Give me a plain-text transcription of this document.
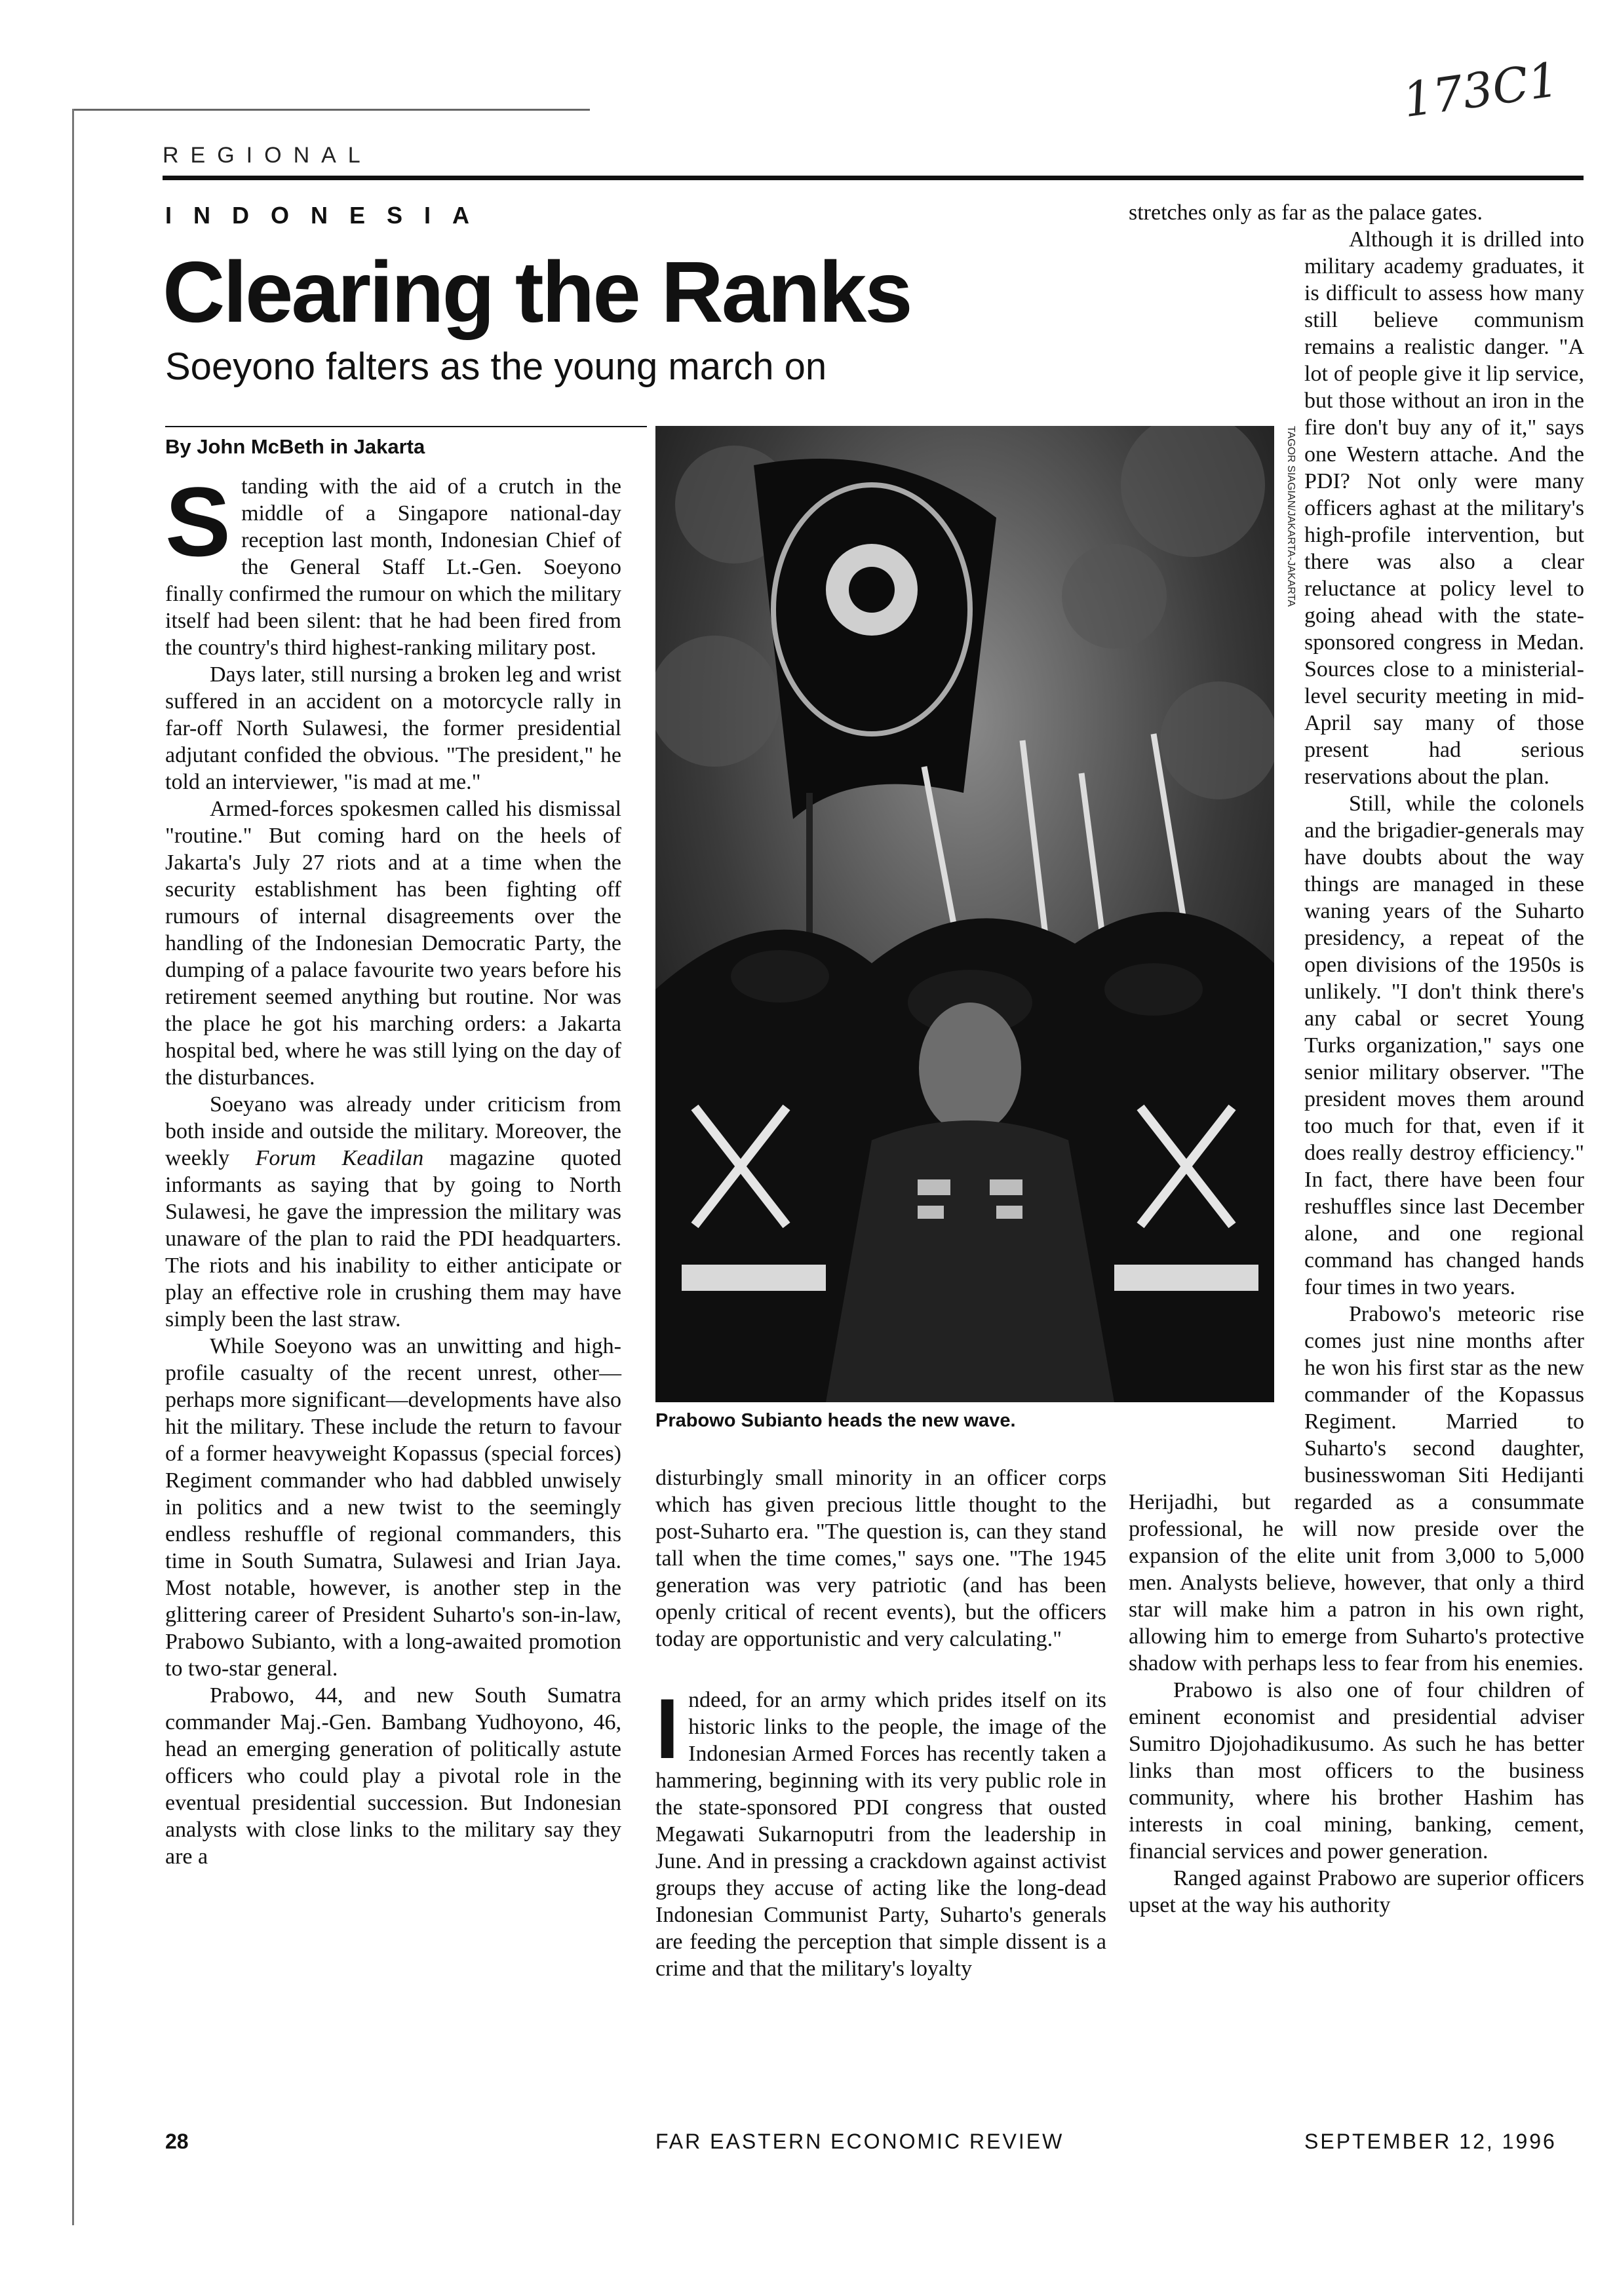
173C1
REGIONAL
INDONESIA
Clearing the Ranks
Soeyono falters as the young march on
By John McBeth in Jakarta

Standing with the aid of a crutch in the middle of a Singapore national-day reception last month, Indonesian Chief of the General Staff Lt.-Gen. Soeyono finally confirmed the rumour on which the military itself had been silent: that he had been fired from the country's third highest-ranking military post.

Days later, still nursing a broken leg and wrist suffered in an accident on a motorcycle rally in far-off North Sulawesi, the former presidential adjutant confided the obvious. "The president," he told an interviewer, "is mad at me."

Armed-forces spokesmen called his dismissal "routine." But coming hard on the heels of Jakarta's July 27 riots and at a time when the security establishment has been fighting off rumours of internal disagreements over the handling of the Indonesian Democratic Party, the dumping of a palace favourite two years before his retirement seemed anything but routine. Nor was the place he got his marching orders: a Jakarta hospital bed, where he was still lying on the day of the disturbances.

Soeyano was already under criticism from both inside and outside the military. Moreover, the weekly Forum Keadilan magazine quoted informants as saying that by going to North Sulawesi, he gave the impression the military was unaware of the plan to raid the PDI headquarters. The riots and his inability to either anticipate or play an effective role in crushing them may have simply been the last straw.

While Soeyono was an unwitting and high-profile casualty of the recent unrest, other—perhaps more significant—developments have also hit the military. These include the return to favour of a former heavyweight Kopassus (special forces) Regiment commander who had dabbled unwisely in politics and a new twist to the seemingly endless reshuffle of regional commanders, this time in South Sumatra, Sulawesi and Irian Jaya. Most notable, however, is another step in the glittering career of President Suharto's son-in-law, Prabowo Subianto, with a long-awaited promotion to two-star general.

Prabowo, 44, and new South Sumatra commander Maj.-Gen. Bambang Yudhoyono, 46, head an emerging generation of politically astute officers who could play a pivotal role in the eventual presidential succession. But Indonesian analysts with close links to the military say they are a

TAGOR SIAGIAN/JAKARTA-JAKARTA
Prabowo Subianto heads the new wave.

disturbingly small minority in an officer corps which has given precious little thought to the post-Suharto era. "The question is, can they stand tall when the time comes," says one. "The 1945 generation was very patriotic (and has been openly critical of recent events), but the officers today are opportunistic and very calculating."

Indeed, for an army which prides itself on its historic links to the people, the image of the Indonesian Armed Forces has recently taken a hammering, beginning with its very public role in the state-sponsored PDI congress that ousted Megawati Sukarnoputri from the leadership in June. And in pressing a crackdown against activist groups they accuse of acting like the long-dead Indonesian Communist Party, Suharto's generals are feeding the perception that simple dissent is a crime and that the military's loyalty

stretches only as far as the palace gates.

Although it is drilled into military academy graduates, it is difficult to assess how many still believe communism remains a realistic danger. "A lot of people give it lip service, but those without an iron in the fire don't buy any of it," says one Western attache. And the PDI? Not only were many officers aghast at the military's high-profile intervention, but there was also a clear reluctance at policy level to going ahead with the state-sponsored congress in Medan. Sources close to a ministerial-level security meeting in mid-April say many of those present had serious reservations about the plan.

Still, while the colonels and the brigadier-generals may have doubts about the way things are managed in these waning years of the Suharto presidency, a repeat of the open divisions of the 1950s is unlikely. "I don't think there's any cabal or secret Young Turks organization," says one senior military observer. "The president moves them around too much for that, even if it does really destroy efficiency." In fact, there have been four reshuffles since last December alone, and one regional command has changed hands four times in two years.

Prabowo's meteoric rise comes just nine months after he won his first star as the new commander of the Kopassus Regiment. Married to Suharto's second daughter, businesswoman Siti Hedijanti Herijadhi, but regarded as a consummate professional, he will now preside over the expansion of the elite unit from 3,000 to 5,000 men. Analysts believe, however, that only a third star will make him a patron in his own right, allowing him to emerge from Suharto's protective shadow with perhaps less to fear from his enemies.

Prabowo is also one of four children of eminent economist and presidential adviser Sumitro Djojohadikusumo. As such he has better links than most officers to the business community, where his brother Hashim has interests in coal mining, banking, cement, financial services and power generation.

Ranged against Prabowo are superior officers upset at the way his authority

28	FAR EASTERN ECONOMIC REVIEW	SEPTEMBER 12, 1996
